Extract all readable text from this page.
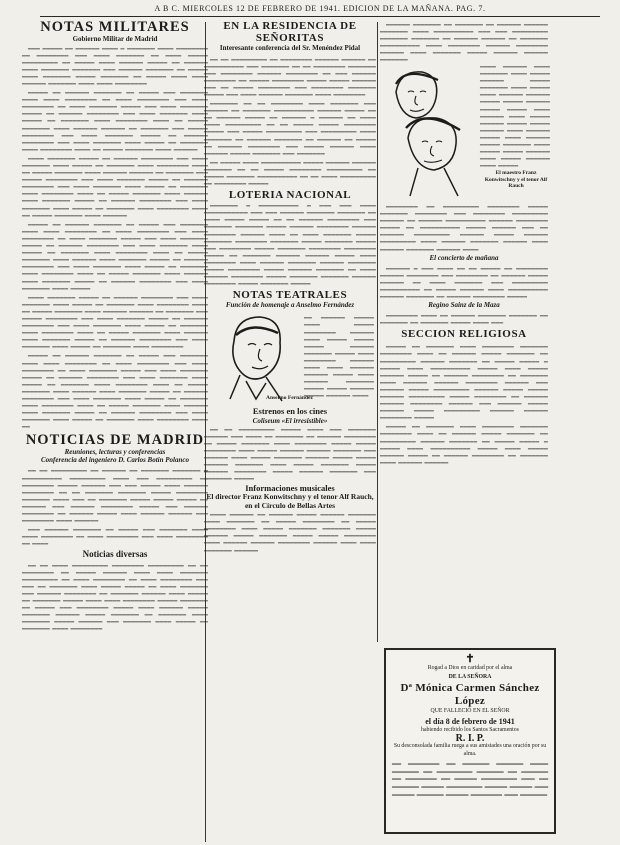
A B C. MIERCOLES 12 DE FEBRERO DE 1941. EDICION DE LA MAÑANA. PAG. 7.
NOTAS MILITARES
Gobierno Militar de Madrid

▁▁▁ ▁▁▁▁▁ ▁▁ ▁▁▁▁▁▁ ▁▁▁▁ ▁ ▁▁▁▁▁▁▁ ▁▁▁▁ ▁▁▁▁▁▁▁▁ ▁▁ ▁▁▁▁▁▁▁▁ ▁▁▁ ▁▁▁▁ ▁▁▁▁▁▁▁ ▁▁ ▁▁▁▁ ▁▁▁▁▁ ▁▁▁▁▁▁▁▁▁ ▁▁ ▁▁▁▁▁ ▁▁▁▁ ▁▁▁▁▁▁ ▁▁▁▁▁ ▁▁ ▁▁▁▁▁▁ ▁▁▁▁ ▁▁▁▁▁▁▁ ▁▁▁▁▁▁▁ ▁▁▁ ▁▁▁▁▁▁ ▁▁▁▁▁▁▁ ▁▁ ▁▁▁▁▁ ▁▁▁▁ ▁▁▁▁▁▁▁ ▁▁▁▁▁ ▁▁▁▁▁▁▁ ▁▁ ▁▁▁▁▁ ▁▁▁▁ ▁▁▁▁ ▁▁▁▁▁▁ ▁▁▁▁▁▁▁ ▁▁▁▁ ▁▁▁▁ ▁▁▁▁▁▁▁▁

▁▁▁▁▁ ▁▁ ▁▁▁▁▁▁ ▁▁▁▁▁▁▁ ▁▁ ▁▁▁▁▁ ▁▁▁ ▁▁▁▁▁▁▁ ▁▁▁▁ ▁▁▁▁ ▁▁▁▁▁▁▁▁ ▁▁ ▁▁▁▁ ▁▁▁▁▁▁▁▁ ▁▁▁ ▁▁▁▁ ▁▁▁▁▁▁▁▁ ▁▁ ▁▁▁▁ ▁▁▁▁▁▁▁ ▁▁▁▁▁ ▁▁▁ ▁▁▁▁ ▁▁▁▁▁▁▁ ▁▁▁▁▁ ▁▁ ▁▁▁▁▁▁ ▁▁▁▁▁▁▁▁ ▁▁▁ ▁▁▁▁ ▁▁▁▁▁▁▁ ▁▁▁▁ ▁▁▁▁▁ ▁▁ ▁▁▁▁▁▁▁ ▁▁▁▁ ▁▁▁▁▁▁▁▁ ▁▁▁▁ ▁▁ ▁▁▁▁▁ ▁▁▁▁▁▁▁ ▁▁▁▁ ▁▁▁▁▁▁ ▁▁▁▁▁▁ ▁▁ ▁▁▁▁▁▁▁ ▁▁▁ ▁▁▁▁▁ ▁▁▁▁▁▁▁▁ ▁▁▁ ▁▁▁▁ ▁▁▁▁▁▁▁ ▁▁▁▁▁ ▁▁ ▁▁▁▁▁▁ ▁▁▁▁▁▁▁▁ ▁▁▁ ▁▁▁▁ ▁▁▁▁▁▁▁ ▁▁▁▁ ▁▁▁▁▁ ▁▁ ▁▁▁▁▁▁▁ ▁▁▁▁ ▁▁▁▁▁▁▁▁ ▁▁▁▁ ▁▁ ▁▁▁▁▁ ▁▁▁▁▁▁▁ ▁▁▁▁ ▁▁▁▁▁▁

▁▁▁▁ ▁▁▁▁▁▁▁ ▁▁▁▁▁ ▁▁ ▁▁▁▁▁▁ ▁▁▁▁▁▁▁▁ ▁▁▁ ▁▁▁▁ ▁▁▁▁▁▁▁ ▁▁▁▁ ▁▁▁▁▁ ▁▁ ▁▁▁▁▁▁▁ ▁▁▁▁ ▁▁▁▁▁▁▁▁ ▁▁▁▁ ▁▁ ▁▁▁▁▁ ▁▁▁▁▁▁▁ ▁▁▁▁ ▁▁▁▁▁▁ ▁▁▁▁▁▁ ▁▁ ▁▁▁▁▁▁▁ ▁▁▁ ▁▁▁▁▁ ▁▁▁▁▁▁▁▁ ▁▁▁ ▁▁▁▁ ▁▁▁▁▁▁▁ ▁▁▁▁▁ ▁▁ ▁▁▁▁▁▁ ▁▁▁▁▁▁▁▁ ▁▁▁ ▁▁▁▁ ▁▁▁▁▁▁▁ ▁▁▁▁ ▁▁▁▁▁ ▁▁ ▁▁▁▁▁▁▁ ▁▁▁▁ ▁▁▁▁▁▁▁▁ ▁▁▁▁ ▁▁ ▁▁▁▁▁ ▁▁▁▁▁▁▁ ▁▁▁▁ ▁▁▁▁▁▁ ▁▁▁▁ ▁▁▁▁▁▁▁ ▁▁▁▁▁ ▁▁ ▁▁▁▁▁▁ ▁▁▁▁▁▁▁▁ ▁▁▁ ▁▁▁▁ ▁▁▁▁▁▁▁ ▁▁▁▁ ▁▁▁▁▁ ▁▁ ▁▁▁▁▁▁▁ ▁▁▁▁ ▁▁▁▁▁▁▁▁ ▁▁▁▁ ▁▁ ▁▁▁▁▁ ▁▁▁▁▁▁▁ ▁▁▁▁ ▁▁▁▁▁▁

▁▁▁▁▁ ▁▁ ▁▁▁▁▁▁ ▁▁▁▁▁▁▁ ▁▁ ▁▁▁▁▁ ▁▁▁ ▁▁▁▁▁▁▁ ▁▁▁▁ ▁▁▁▁ ▁▁▁▁▁▁▁▁ ▁▁ ▁▁▁▁ ▁▁▁▁▁▁▁▁ ▁▁▁ ▁▁▁▁ ▁▁▁▁▁▁▁▁ ▁▁ ▁▁▁▁ ▁▁▁▁▁▁▁ ▁▁▁▁▁ ▁▁▁ ▁▁▁▁ ▁▁▁▁▁▁▁ ▁▁▁▁▁ ▁▁ ▁▁▁▁▁▁ ▁▁▁▁▁▁▁▁ ▁▁▁ ▁▁▁▁ ▁▁▁▁▁▁▁ ▁▁▁▁ ▁▁▁▁▁ ▁▁ ▁▁▁▁▁▁▁ ▁▁▁▁ ▁▁▁▁▁▁▁▁ ▁▁▁▁ ▁▁ ▁▁▁▁▁ ▁▁▁▁▁▁▁ ▁▁▁▁ ▁▁▁▁▁▁ ▁▁▁▁ ▁▁▁▁▁▁▁ ▁▁▁▁▁ ▁▁ ▁▁▁▁▁▁ ▁▁▁▁▁▁▁▁ ▁▁▁ ▁▁▁▁ ▁▁▁▁▁▁▁ ▁▁▁▁ ▁▁▁▁▁ ▁▁ ▁▁▁▁▁▁▁ ▁▁▁▁ ▁▁▁▁▁▁▁▁ ▁▁▁▁ ▁▁ ▁▁▁▁▁ ▁▁▁▁▁▁▁ ▁▁▁▁ ▁▁▁▁▁▁ ▁▁▁▁ ▁▁▁▁▁▁▁ ▁▁▁▁▁ ▁▁ ▁▁▁▁▁▁ ▁▁▁▁▁▁▁▁ ▁▁▁ ▁▁▁▁ ▁▁▁▁▁▁▁ ▁▁▁▁ ▁▁▁▁▁

▁▁▁▁ ▁▁▁▁▁▁▁ ▁▁▁▁▁ ▁▁ ▁▁▁▁▁▁ ▁▁▁▁▁▁▁▁ ▁▁▁ ▁▁▁▁ ▁▁▁▁▁▁▁ ▁▁▁▁ ▁▁▁▁▁ ▁▁ ▁▁▁▁▁▁▁ ▁▁▁▁ ▁▁▁▁▁▁▁▁ ▁▁▁▁ ▁▁ ▁▁▁▁▁ ▁▁▁▁▁▁▁ ▁▁▁▁ ▁▁▁▁▁▁ ▁▁▁▁▁▁ ▁▁ ▁▁▁▁▁▁▁ ▁▁▁ ▁▁▁▁▁ ▁▁▁▁▁▁▁▁ ▁▁▁ ▁▁▁▁ ▁▁▁▁▁▁▁ ▁▁▁▁▁ ▁▁ ▁▁▁▁▁▁ ▁▁▁▁▁▁▁▁ ▁▁▁ ▁▁▁▁ ▁▁▁▁▁▁▁ ▁▁▁▁ ▁▁▁▁▁ ▁▁ ▁▁▁▁▁▁▁ ▁▁▁▁ ▁▁▁▁▁▁▁▁ ▁▁▁▁ ▁▁ ▁▁▁▁▁ ▁▁▁▁▁▁▁ ▁▁▁▁ ▁▁▁▁▁▁ ▁▁▁▁ ▁▁▁▁▁▁▁ ▁▁▁▁▁ ▁▁ ▁▁▁▁▁▁ ▁▁▁▁▁▁▁▁ ▁▁▁ ▁▁▁▁ ▁▁▁▁▁▁▁ ▁▁▁▁ ▁▁▁▁▁ ▁▁ ▁▁▁▁▁▁▁ ▁▁▁▁ ▁▁▁▁▁▁▁▁

▁▁▁▁▁ ▁▁ ▁▁▁▁▁▁ ▁▁▁▁▁▁▁ ▁▁ ▁▁▁▁▁ ▁▁▁ ▁▁▁▁▁▁▁ ▁▁▁▁ ▁▁▁▁ ▁▁▁▁▁▁▁▁ ▁▁ ▁▁▁▁ ▁▁▁▁▁▁▁▁ ▁▁▁ ▁▁▁▁ ▁▁▁▁▁▁▁▁ ▁▁ ▁▁▁▁ ▁▁▁▁▁▁▁ ▁▁▁▁▁ ▁▁▁ ▁▁▁▁ ▁▁▁▁▁▁▁ ▁▁▁▁▁ ▁▁ ▁▁▁▁▁▁ ▁▁▁▁▁▁▁▁ ▁▁▁ ▁▁▁▁ ▁▁▁▁▁▁▁ ▁▁▁▁ ▁▁▁▁▁ ▁▁ ▁▁▁▁▁▁▁ ▁▁▁▁ ▁▁▁▁▁▁▁▁ ▁▁▁▁ ▁▁ ▁▁▁▁▁ ▁▁▁▁▁▁▁ ▁▁▁▁ ▁▁▁▁▁▁ ▁▁▁▁ ▁▁▁▁▁▁▁ ▁▁▁▁▁ ▁▁ ▁▁▁▁▁▁ ▁▁▁▁▁▁▁▁ ▁▁▁ ▁▁▁▁ ▁▁▁▁▁▁▁ ▁▁▁▁ ▁▁▁▁▁ ▁▁ ▁▁▁▁▁▁▁ ▁▁▁▁ ▁▁▁▁▁▁▁▁ ▁▁▁▁ ▁▁ ▁▁▁▁▁ ▁▁▁▁▁▁▁ ▁▁▁▁ ▁▁▁▁▁▁ ▁▁▁▁ ▁▁▁▁▁▁▁ ▁▁▁▁▁ ▁▁ ▁▁▁▁▁▁ ▁▁▁▁▁▁▁▁ ▁▁▁ ▁▁▁▁ ▁▁▁▁▁▁▁ ▁▁▁▁ ▁▁▁▁▁ ▁▁ ▁▁▁▁▁▁▁ ▁▁▁▁ ▁▁▁▁▁▁▁▁ ▁▁▁▁ ▁▁

NOTICIAS DE MADRID
Reuniones, lecturas y conferencias
Conferencia del ingeniero D. Carlos Botín Polanco

▁▁ ▁▁ ▁▁▁▁▁▁▁▁▁ ▁▁ ▁▁▁▁▁▁ ▁▁ ▁▁▁▁▁▁▁ ▁▁▁▁▁▁▁ ▁ ▁▁▁▁▁▁▁▁▁▁ ▁▁▁▁▁▁▁▁▁ ▁▁▁▁ ▁▁▁ ▁▁▁▁▁▁▁▁▁ ▁▁ ▁▁▁▁▁▁▁▁ ▁▁▁▁▁ ▁▁▁▁▁▁ ▁▁▁ ▁▁▁ ▁▁▁▁▁ ▁▁▁▁ ▁▁▁▁▁▁ ▁▁▁▁▁▁▁▁ ▁▁ ▁▁ ▁▁▁▁▁▁▁ ▁▁▁▁▁▁▁ ▁▁▁▁▁ ▁▁▁▁▁▁▁▁ ▁▁▁▁▁▁▁ ▁▁▁▁ ▁▁▁ ▁▁ ▁▁▁▁▁▁▁ ▁▁▁▁▁ ▁▁▁▁▁ ▁▁▁▁▁ ▁▁ ▁▁▁▁▁▁ ▁▁▁ ▁▁▁▁▁▁ ▁▁▁▁▁▁▁▁ ▁▁▁▁▁ ▁▁▁ ▁▁▁▁▁▁ ▁▁▁▁▁▁▁▁ ▁▁ ▁▁▁▁▁▁ ▁▁▁▁▁ ▁▁▁▁ ▁▁▁▁▁▁ ▁▁▁▁▁▁ ▁▁▁ ▁▁▁▁▁▁▁▁ ▁▁▁▁ ▁▁▁▁▁▁

▁▁▁ ▁▁▁▁▁▁ ▁▁▁▁▁▁▁ ▁▁ ▁▁▁▁▁ ▁▁▁ ▁▁▁▁▁▁▁ ▁▁▁▁ ▁▁▁▁ ▁▁▁▁▁▁▁▁ ▁▁ ▁▁▁▁ ▁▁▁▁▁▁▁▁ ▁▁▁ ▁▁▁▁ ▁▁▁▁▁▁▁▁ ▁▁ ▁▁▁▁

Noticias diversas

▁▁ ▁▁ ▁▁▁▁ ▁▁▁▁▁▁▁▁▁ ▁▁▁▁▁▁▁▁ ▁▁▁▁▁▁▁▁▁ ▁▁ ▁▁ ▁▁▁▁▁▁▁▁ ▁▁ ▁▁▁▁▁ ▁▁▁▁▁▁ ▁▁▁▁ ▁▁▁▁ ▁▁▁▁▁▁▁ ▁▁▁▁▁▁▁▁▁ ▁▁ ▁▁▁▁ ▁▁▁▁▁▁▁▁ ▁▁ ▁▁▁▁ ▁▁▁▁▁▁▁▁ ▁▁▁ ▁▁▁ ▁▁ ▁▁▁▁▁▁▁ ▁▁▁▁ ▁▁▁▁▁ ▁▁▁▁▁ ▁▁ ▁▁▁▁ ▁▁▁▁▁▁▁ ▁▁▁ ▁▁▁▁▁▁ ▁▁▁▁▁▁▁▁ ▁▁ ▁▁▁▁▁▁▁ ▁▁▁▁▁▁ ▁▁▁▁ ▁▁▁▁▁ ▁▁ ▁▁▁▁▁▁▁ ▁▁▁▁▁ ▁▁▁▁ ▁▁▁▁ ▁▁▁▁▁▁▁▁ ▁▁▁▁▁ ▁▁▁▁▁▁▁ ▁▁ ▁▁▁▁▁ ▁▁▁ ▁▁▁▁▁▁▁▁ ▁▁▁▁▁ ▁▁▁▁ ▁▁▁▁▁▁ ▁▁▁▁▁ ▁▁▁▁▁▁▁ ▁▁▁▁▁▁ ▁▁▁▁▁ ▁▁▁▁▁▁▁ ▁▁ ▁▁▁▁▁▁▁ ▁▁▁▁ ▁▁▁▁▁▁▁ ▁▁▁▁▁ ▁▁▁▁▁▁ ▁▁▁ ▁▁▁▁▁▁▁ ▁▁▁▁ ▁▁▁▁▁ ▁▁ ▁▁▁▁▁▁▁ ▁▁▁▁ ▁▁▁▁▁▁▁▁

EN LA RESIDENCIA DE SEÑORITAS
Interesante conferencia del Sr. Menéndez Pidal

▁▁ ▁▁ ▁▁▁▁▁▁▁▁▁ ▁▁ ▁▁▁▁▁▁▁▁ ▁▁▁▁▁▁ ▁▁▁▁▁▁ ▁▁ ▁▁▁▁▁▁▁▁▁▁ ▁▁▁ ▁▁▁▁▁▁▁ ▁▁ ▁▁ ▁▁▁▁▁▁▁▁ ▁▁▁▁▁▁▁ ▁▁▁ ▁▁▁▁▁▁▁▁ ▁▁▁▁▁▁ ▁▁▁▁▁▁▁▁ ▁▁ ▁▁▁ ▁▁▁▁▁▁ ▁▁▁▁▁▁▁▁ ▁▁ ▁▁▁▁▁ ▁▁▁▁▁▁▁▁ ▁▁▁▁▁ ▁▁▁▁▁ ▁▁▁▁▁▁ ▁▁▁ ▁▁ ▁▁▁▁▁ ▁▁▁▁▁▁▁▁ ▁▁▁ ▁▁▁▁▁▁▁▁ ▁▁▁▁▁▁▁ ▁▁▁▁▁ ▁▁▁ ▁▁▁▁ ▁▁▁▁▁▁ ▁▁▁▁▁▁▁ ▁▁▁▁ ▁▁▁▁▁▁▁▁

▁▁▁▁▁▁▁ ▁▁ ▁▁ ▁▁▁▁▁▁▁▁ ▁▁▁▁ ▁▁▁▁▁▁▁ ▁▁▁ ▁▁▁▁▁▁ ▁▁ ▁▁▁▁▁▁▁ ▁▁▁▁▁▁▁▁▁▁ ▁▁▁▁▁▁ ▁▁▁▁▁ ▁▁ ▁▁ ▁▁▁▁▁▁ ▁▁▁▁▁ ▁▁ ▁▁▁▁▁▁ ▁ ▁▁▁▁▁▁ ▁▁ ▁▁▁▁ ▁▁▁▁ ▁▁▁▁▁▁▁▁▁ ▁▁ ▁▁ ▁▁▁▁▁ ▁▁▁▁▁ ▁▁▁▁▁▁▁▁ ▁▁▁▁▁ ▁▁▁ ▁▁▁▁▁ ▁▁▁▁▁▁▁▁▁ ▁▁▁ ▁▁▁▁▁▁▁▁▁ ▁▁▁▁ ▁▁▁▁▁▁▁ ▁▁ ▁▁▁▁▁▁ ▁▁▁▁▁▁▁ ▁▁ ▁▁▁▁▁▁ ▁▁ ▁▁▁▁▁ ▁▁ ▁▁▁▁▁▁ ▁▁▁▁▁▁▁▁ ▁▁▁ ▁▁▁▁▁ ▁▁▁▁▁▁ ▁▁▁▁ ▁▁▁▁▁▁ ▁▁▁▁▁ ▁▁▁▁▁▁▁ ▁▁▁ ▁▁▁▁▁▁▁

▁▁ ▁▁▁▁▁ ▁▁▁▁ ▁▁▁▁▁▁▁▁▁▁ ▁▁▁▁▁ ▁▁▁▁▁▁ ▁▁▁▁▁▁ ▁▁▁▁▁▁▁ ▁▁ ▁▁ ▁▁▁▁▁ ▁▁▁▁▁▁▁▁ ▁▁▁▁▁▁▁▁▁ ▁▁ ▁▁▁▁▁ ▁▁▁▁▁▁▁ ▁▁▁▁▁▁▁▁▁▁ ▁▁ ▁▁ ▁▁▁▁ ▁▁▁▁▁▁▁▁▁ ▁▁ ▁▁▁▁▁▁▁▁ ▁▁▁▁▁

LOTERIA NACIONAL

▁▁▁▁▁▁▁ ▁ ▁▁▁▁▁▁▁▁▁▁ ▁ ▁▁▁ ▁▁▁ ▁▁▁▁ ▁▁▁▁▁▁▁▁▁▁▁ ▁▁▁ ▁▁▁ ▁▁▁▁▁▁ ▁▁▁▁▁▁▁ ▁▁▁▁▁▁▁ ▁▁ ▁▁▁▁ ▁▁▁▁▁ ▁▁▁▁▁ ▁▁ ▁▁ ▁▁▁▁▁▁ ▁▁▁▁▁▁▁▁ ▁▁▁ ▁▁▁▁▁▁▁ ▁▁▁▁▁▁▁ ▁▁▁▁▁ ▁▁▁▁▁▁ ▁▁▁▁▁▁▁▁ ▁▁▁▁▁▁ ▁▁▁▁▁▁▁▁ ▁▁▁▁▁▁ ▁▁▁▁ ▁▁ ▁▁▁▁ ▁▁▁▁▁▁▁ ▁▁▁▁▁ ▁▁▁▁▁▁▁ ▁▁▁▁▁▁▁▁ ▁▁▁▁▁▁▁ ▁▁▁▁▁ ▁▁▁▁▁▁▁ ▁▁▁▁▁ ▁▁▁ ▁▁▁▁▁▁▁▁ ▁▁▁▁▁ ▁▁▁▁▁▁▁ ▁▁▁▁▁▁▁▁ ▁▁▁▁▁▁▁▁ ▁▁▁▁▁ ▁▁ ▁▁▁▁▁▁▁ ▁▁▁▁▁▁ ▁▁▁▁▁▁ ▁▁▁▁▁ ▁▁▁▁ ▁▁▁▁▁▁▁▁ ▁▁▁▁ ▁▁▁▁▁▁ ▁▁▁▁▁▁▁ ▁▁▁▁▁▁ ▁▁▁▁▁▁▁ ▁▁▁▁▁ ▁▁▁▁▁▁▁▁ ▁▁▁▁▁ ▁▁▁▁▁▁ ▁▁▁▁▁▁▁ ▁▁ ▁▁▁▁ ▁▁▁▁▁▁ ▁▁▁▁▁▁▁▁ ▁▁▁▁▁ ▁▁▁▁▁▁▁ ▁▁▁▁▁▁▁ ▁▁▁▁▁▁ ▁▁▁▁▁▁▁▁ ▁▁▁▁▁ ▁▁▁▁▁▁▁ ▁▁▁▁▁

NOTAS TEATRALES
Función de homenaje a Anselmo Fernández
▁▁ ▁▁▁▁▁▁ ▁▁▁▁▁ ▁▁▁▁ ▁▁▁▁▁ ▁▁▁▁▁▁▁▁ ▁▁▁▁▁▁ ▁▁▁▁ ▁▁▁▁▁ ▁▁▁▁▁ ▁▁▁▁▁ ▁▁▁▁▁▁ ▁▁▁▁▁▁▁ ▁▁▁▁▁ ▁▁▁▁ ▁▁▁▁▁▁▁▁ ▁▁▁▁▁▁ ▁▁▁▁ ▁▁▁▁ ▁▁▁▁▁▁ ▁▁▁▁▁▁ ▁▁▁▁▁ ▁▁▁▁ ▁▁▁▁▁▁ ▁▁▁▁▁▁▁ ▁▁▁▁▁ ▁▁▁▁▁ ▁▁▁▁▁▁ ▁▁▁▁▁ ▁▁▁▁▁▁ ▁▁▁▁
Anselmo Fernández
Estrenos en los cines
Coliseum «El irresistible»

▁▁ ▁▁ ▁▁▁▁▁▁▁▁▁ ▁▁▁▁▁ ▁▁▁▁ ▁▁▁ ▁▁▁▁▁▁▁ ▁▁▁▁▁▁ ▁▁▁ ▁▁▁▁ ▁▁ ▁▁▁▁▁▁▁ ▁▁ ▁▁▁▁▁▁ ▁▁▁▁▁▁▁▁ ▁▁ ▁▁▁▁▁ ▁▁▁▁▁▁▁ ▁▁▁▁ ▁▁▁▁▁▁▁▁ ▁▁▁▁▁ ▁▁▁▁▁ ▁▁▁▁▁▁▁▁ ▁▁▁▁ ▁▁▁▁▁ ▁▁▁▁▁▁ ▁▁▁▁▁▁ ▁▁▁▁▁▁▁ ▁▁▁ ▁▁▁▁▁▁ ▁▁▁▁ ▁▁▁▁▁ ▁▁▁▁▁▁▁ ▁▁▁▁▁▁ ▁▁▁▁▁ ▁▁▁▁▁ ▁▁▁▁▁▁ ▁▁▁▁▁▁▁ ▁▁▁▁ ▁▁▁▁▁ ▁▁▁▁▁▁▁ ▁▁▁▁▁ ▁▁▁▁▁▁ ▁▁▁▁▁▁▁▁ ▁▁▁▁▁ ▁▁▁▁▁▁ ▁▁▁▁▁▁▁ ▁▁▁ ▁▁▁▁▁▁▁ ▁▁▁▁▁

Informaciones musicales
El director Franz Konwitschny y el tenor Alf Rauch, en el Círculo de Bellas Artes

▁▁▁▁ ▁▁▁▁▁▁ ▁▁ ▁▁▁▁▁▁ ▁▁▁▁▁ ▁▁▁▁▁▁ ▁▁▁▁▁▁▁ ▁▁▁▁ ▁▁▁▁▁▁▁ ▁▁ ▁▁▁▁▁ ▁▁▁▁▁▁▁▁ ▁▁ ▁▁▁▁▁ ▁▁▁▁▁▁▁▁ ▁▁▁▁ ▁▁▁▁▁ ▁▁▁▁▁▁▁ ▁▁▁▁▁▁▁ ▁▁▁▁▁ ▁▁▁▁▁▁ ▁▁▁▁▁ ▁▁▁▁▁▁▁ ▁▁▁▁▁ ▁▁▁▁▁ ▁▁▁▁▁▁▁▁ ▁▁▁▁ ▁▁▁▁▁▁ ▁▁▁▁▁▁ ▁▁▁▁▁▁▁▁ ▁▁▁▁▁▁ ▁▁▁▁ ▁▁▁▁ ▁▁▁▁▁▁▁ ▁▁▁▁▁▁

▁▁▁▁▁▁ ▁▁▁▁▁▁▁ ▁▁ ▁▁▁▁▁▁▁ ▁▁ ▁▁▁▁▁▁ ▁▁▁▁▁▁ ▁▁▁▁▁▁▁ ▁▁▁▁ ▁▁▁▁▁▁▁▁▁▁ ▁▁▁ ▁▁▁ ▁▁▁▁▁▁▁▁▁ ▁▁▁▁▁▁▁ ▁▁▁▁▁▁▁ ▁▁ ▁▁▁▁▁▁ ▁▁▁▁▁▁ ▁▁ ▁▁▁▁▁▁▁ ▁▁▁▁▁▁▁▁▁▁ ▁▁▁▁ ▁▁▁▁▁▁▁▁ ▁▁▁▁▁▁ ▁▁▁▁▁▁▁▁ ▁▁▁▁▁▁ ▁▁▁▁ ▁▁▁▁▁▁▁ ▁▁▁▁▁ ▁▁▁▁▁▁ ▁▁▁▁▁▁ ▁▁▁▁▁▁▁

▁▁▁▁ ▁▁▁▁▁▁ ▁▁▁▁ ▁▁▁▁▁▁▁ ▁▁▁▁ ▁▁▁▁▁ ▁▁▁▁▁▁ ▁▁▁▁▁ ▁▁▁▁▁▁▁ ▁▁▁▁ ▁▁▁▁▁ ▁▁▁▁ ▁▁▁▁▁▁ ▁▁▁▁▁▁ ▁▁▁▁▁ ▁▁▁▁▁ ▁▁▁▁▁▁ ▁▁▁▁▁ ▁▁▁▁▁ ▁▁▁▁ ▁▁▁▁▁▁ ▁▁▁▁ ▁▁▁▁▁ ▁▁▁▁▁▁ ▁▁▁▁▁ ▁▁▁▁▁ ▁▁▁▁▁▁ ▁▁▁▁ ▁▁▁▁▁▁ ▁▁▁▁▁ ▁▁▁▁ ▁▁▁▁▁▁ ▁▁▁▁▁ ▁▁▁▁▁▁▁ ▁▁▁▁ ▁▁▁▁▁ ▁▁▁▁▁ ▁▁▁▁▁▁ ▁▁▁▁ ▁▁▁▁▁ ▁▁▁▁▁▁ ▁▁▁▁ ▁▁▁▁▁
El maestro Franz Konwitschny y el tenor Alf Rauch

▁▁▁▁▁▁▁▁ ▁▁ ▁▁▁▁▁▁▁▁▁ ▁▁▁▁▁▁▁▁ ▁▁▁▁▁ ▁▁▁▁▁▁▁ ▁▁▁▁▁▁▁▁ ▁▁▁ ▁▁▁▁▁▁▁▁ ▁▁▁▁▁▁▁▁▁ ▁▁▁▁▁▁ ▁▁ ▁▁▁▁▁▁ ▁▁▁▁▁▁▁▁▁▁ ▁▁▁▁▁▁ ▁▁▁▁▁▁▁▁ ▁▁▁▁▁ ▁▁ ▁▁▁▁▁▁▁▁▁▁ ▁▁▁▁▁ ▁▁▁▁▁▁ ▁▁▁ ▁▁ ▁▁▁▁▁▁ ▁▁▁▁▁▁▁▁▁ ▁▁▁▁▁▁ ▁▁▁▁▁ ▁▁▁▁▁▁ ▁▁▁▁▁▁▁▁▁ ▁▁▁▁ ▁▁▁▁▁▁ ▁▁▁▁▁▁▁ ▁▁▁▁▁▁ ▁▁▁▁ ▁▁▁▁▁▁ ▁▁▁▁▁▁▁ ▁▁▁▁▁▁ ▁▁▁▁

El concierto de mañana

▁▁▁▁▁▁ ▁ ▁▁▁ ▁▁▁▁ ▁▁ ▁▁ ▁▁▁▁▁ ▁▁ ▁▁▁▁▁▁▁▁ ▁▁▁▁▁▁ ▁▁▁▁▁▁▁▁ ▁▁▁ ▁▁▁▁▁▁▁▁ ▁▁ ▁▁▁▁▁▁ ▁▁▁▁▁ ▁▁▁▁▁▁ ▁▁ ▁▁▁▁ ▁▁▁▁▁▁▁ ▁▁▁ ▁▁▁▁▁▁▁▁▁ ▁▁▁▁▁▁▁▁▁▁ ▁▁ ▁▁▁▁▁ ▁▁▁▁▁▁ ▁▁▁▁ ▁▁▁▁▁▁▁▁▁▁ ▁▁▁▁▁▁ ▁▁▁▁▁▁▁ ▁▁ ▁▁▁▁▁▁ ▁▁▁▁▁▁▁▁ ▁▁▁▁▁

Regino Sainz de la Maza

▁▁▁▁▁▁▁▁ ▁▁▁▁ ▁▁ ▁▁▁▁▁▁ ▁▁▁▁▁▁▁ ▁▁▁▁▁▁▁ ▁▁ ▁▁▁▁▁▁▁ ▁▁ ▁▁▁▁▁▁▁ ▁▁▁▁▁ ▁▁▁▁ ▁▁▁

SECCION RELIGIOSA

▁▁▁▁▁ ▁▁ ▁▁▁▁▁▁▁ ▁▁▁▁ ▁▁▁▁▁▁▁▁ ▁▁▁▁▁▁▁ ▁▁▁▁▁▁▁▁ ▁▁▁▁ ▁▁ ▁▁▁▁▁▁ ▁▁▁▁▁ ▁▁▁▁▁▁▁ ▁▁ ▁▁▁▁▁▁▁▁▁ ▁▁▁▁▁▁ ▁▁▁▁▁▁▁ ▁▁ ▁▁▁▁▁ ▁▁▁▁▁ ▁ ▁▁▁▁▁ ▁▁▁▁ ▁▁▁▁▁▁▁▁▁▁ ▁▁▁▁▁ ▁▁▁▁ ▁▁▁▁▁ ▁▁▁▁▁▁ ▁▁▁▁▁ ▁▁ ▁▁▁▁▁▁ ▁▁▁▁▁▁▁▁ ▁▁ ▁▁▁▁▁▁▁ ▁▁▁▁ ▁▁▁▁▁▁ ▁▁▁▁▁▁ ▁▁▁▁▁▁▁▁ ▁▁▁▁▁▁ ▁▁▁ ▁▁▁▁▁▁ ▁▁▁▁▁ ▁▁▁▁▁▁▁▁▁ ▁▁▁▁▁▁ ▁▁▁▁▁ ▁▁▁▁▁ ▁▁▁▁▁▁ ▁▁▁▁▁▁▁▁▁ ▁▁▁▁▁ ▁▁▁▁▁▁▁▁ ▁▁ ▁▁▁▁▁▁ ▁▁▁▁▁▁ ▁▁▁▁▁▁▁▁ ▁▁▁▁▁▁ ▁▁▁ ▁▁▁▁▁▁ ▁▁▁▁▁ ▁▁▁▁▁▁ ▁▁▁▁▁ ▁▁▁▁▁▁▁▁▁ ▁▁▁▁▁▁ ▁▁▁▁▁▁ ▁▁▁▁▁▁▁▁ ▁▁▁▁▁

▁▁▁▁▁ ▁▁ ▁▁▁▁▁▁▁ ▁▁▁▁ ▁▁▁▁▁▁▁▁ ▁▁▁▁▁▁▁ ▁▁▁▁▁▁▁▁ ▁▁▁▁ ▁▁ ▁▁▁▁▁▁ ▁▁▁▁▁ ▁▁▁▁▁▁▁ ▁▁ ▁▁▁▁▁▁▁▁▁ ▁▁▁▁▁▁ ▁▁▁▁▁▁▁ ▁▁ ▁▁▁▁▁ ▁▁▁▁▁ ▁ ▁▁▁▁▁ ▁▁▁▁ ▁▁▁▁▁▁▁▁▁▁ ▁▁▁▁▁ ▁▁▁▁ ▁▁▁▁▁ ▁▁▁▁▁▁ ▁▁▁▁▁ ▁▁ ▁▁▁▁▁▁ ▁▁▁▁▁▁▁▁ ▁▁ ▁▁▁▁▁▁▁ ▁▁▁▁ ▁▁▁▁▁▁ ▁▁▁▁▁▁

✝

Rogad a Dios en caridad por el alma

DE LA SEÑORA

Dª Mónica Carmen Sánchez López

QUE FALLECIÓ EN EL SEÑOR

el día 8 de febrero de 1941

habiendo recibido los Santos Sacramentos

R. I. P.

Su desconsolada familia ruega a sus amistades una oración por su alma.

▁▁ ▁▁▁▁▁▁▁ ▁▁ ▁▁▁▁▁▁ ▁▁▁▁▁▁ ▁▁▁▁ ▁▁▁▁▁▁ ▁▁ ▁▁▁▁▁▁▁▁ ▁▁▁▁▁▁ ▁▁ ▁▁▁▁▁▁ ▁▁ ▁▁▁▁▁▁▁ ▁▁ ▁▁▁▁▁ ▁▁▁▁▁▁▁▁ ▁▁▁ ▁▁ ▁▁▁▁▁▁ ▁▁▁▁▁ ▁▁▁▁▁▁▁▁ ▁▁▁▁▁ ▁▁▁▁▁ ▁▁▁ ▁▁▁▁▁ ▁▁▁▁▁▁ ▁▁▁▁▁ ▁▁▁▁▁▁▁ ▁▁▁ ▁▁▁▁▁▁
